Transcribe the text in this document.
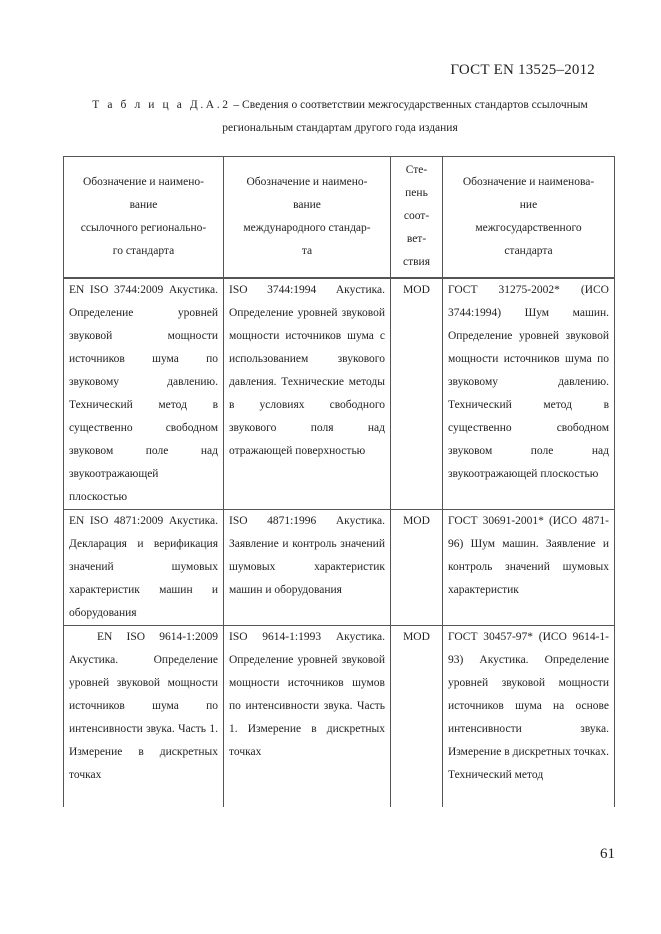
ГОСТ EN 13525–2012
Т а б л и ц а Д.А.2 – Сведения о соответствии межгосударственных стандартов ссылочным
региональным стандартам другого года издания
Обозначение и наимено-
вание
ссылочного регионально-
го стандарта	Обозначение и наимено-
вание
международного стандар-
та	Сте-
пень
соот-
вет-
ствия	Обозначение и наименова-
ние
межгосударственного
стандарта

EN ISO 3744:2009 Акустика. Определение уровней звуковой мощности источников шума по звуковому давлению. Технический метод в существенно свободном звуковом поле над звукоотражающей плоскостью	ISO 3744:1994 Акустика. Определение уровней звуковой мощности источников шума с использованием звукового давления. Технические методы в условиях свободного звукового поля над отражающей поверхностью	MOD	ГОСТ 31275-2002* (ИСО 3744:1994) Шум машин. Определение уровней звуковой мощности источников шума по звуковому давлению. Технический метод в существенно свободном звуковом поле над звукоотражающей плоскостью

EN ISO 4871:2009 Акустика. Декларация и верификация значений шумовых характеристик машин и оборудования	ISO 4871:1996 Акустика. Заявление и контроль значений шумовых характеристик машин и оборудования	MOD	ГОСТ 30691-2001* (ИСО 4871-96) Шум машин. Заявление и контроль значений шумовых характеристик

EN ISO 9614-1:2009 Акустика. Определение уровней звуковой мощности источников шума по интенсивности звука. Часть 1. Измерение в дискретных точках	ISO 9614-1:1993 Акустика. Определение уровней звуковой мощности источников шумов по интенсивности звука. Часть 1. Измерение в дискретных точках	MOD	ГОСТ 30457-97* (ИСО 9614-1-93) Акустика. Определение уровней звуковой мощности источников шума на основе интенсивности звука. Измерение в дискретных точках. Технический метод
61
